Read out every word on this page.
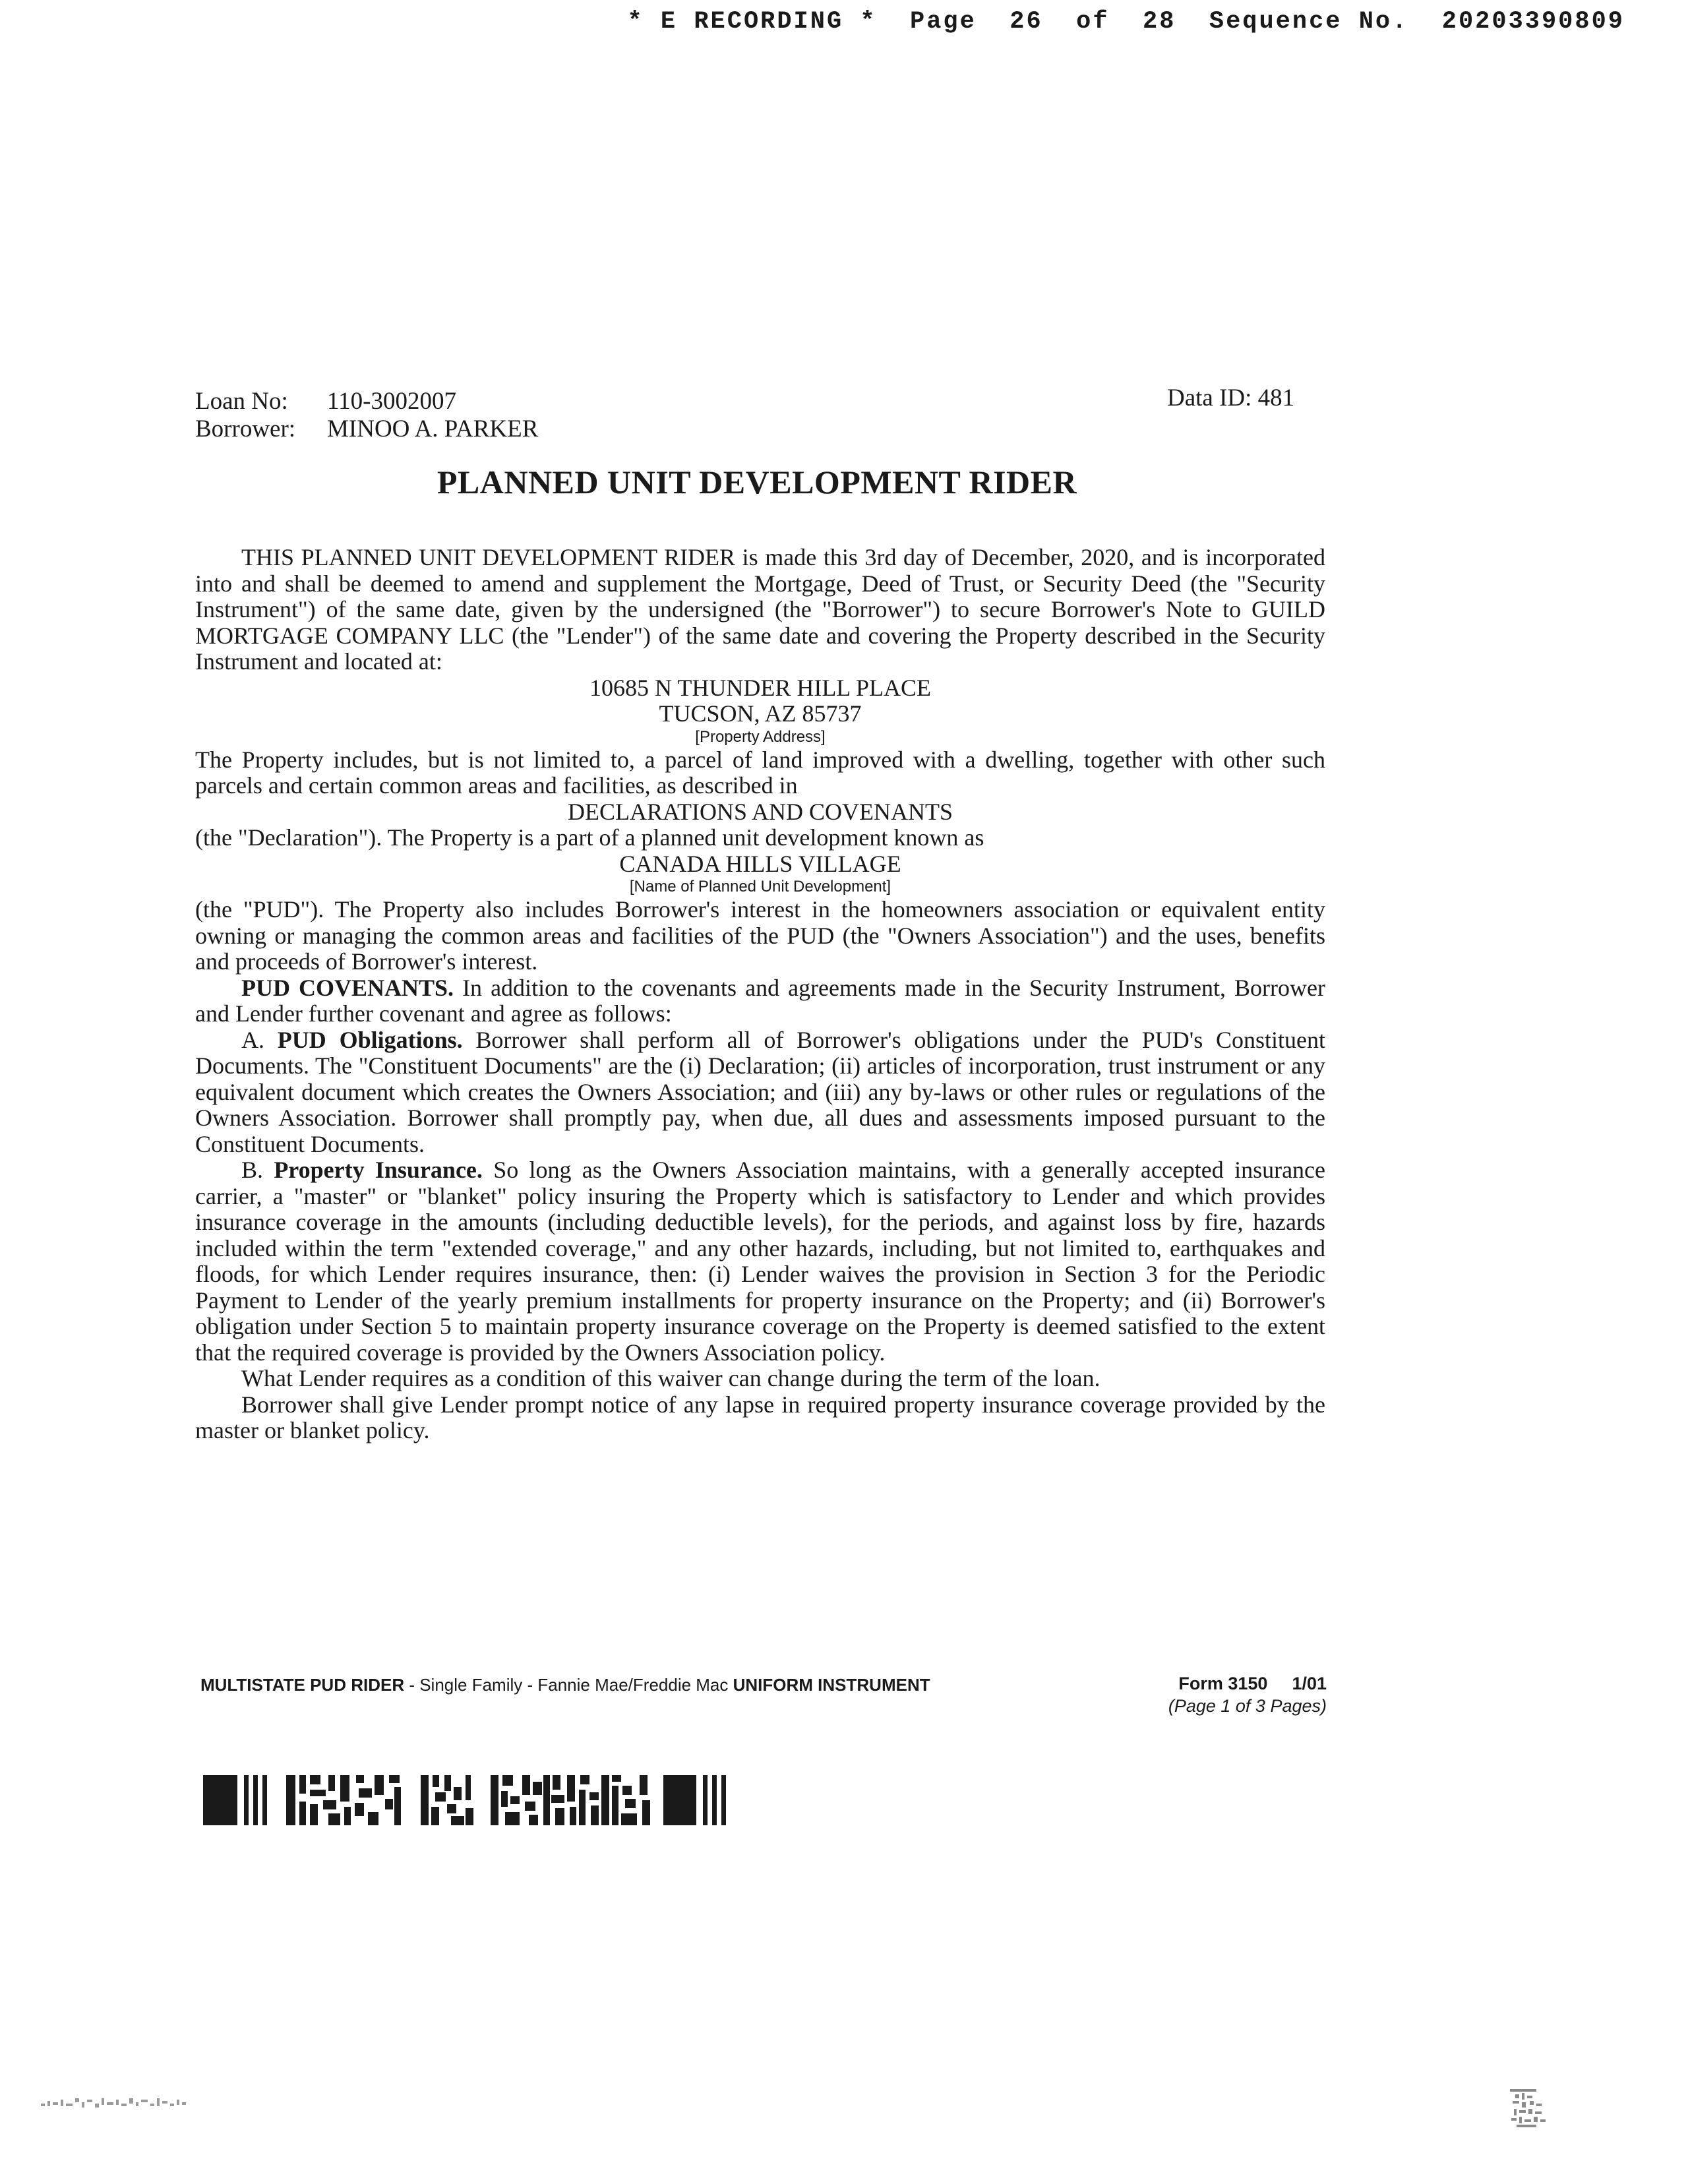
* E RECORDING * Page 26 of 28 Sequence No. 20203390809
Loan No:	110-3002007
Borrower:	MINOO A. PARKER
Data ID: 481
PLANNED UNIT DEVELOPMENT RIDER

THIS PLANNED UNIT DEVELOPMENT RIDER is made this 3rd day of December, 2020, and is incorporated into and shall be deemed to amend and supplement the Mortgage, Deed of Trust, or Security Deed (the "Security Instrument") of the same date, given by the undersigned (the "Borrower") to secure Borrower's Note to GUILD MORTGAGE COMPANY LLC (the "Lender") of the same date and covering the Property described in the Security Instrument and located at:

10685 N THUNDER HILL PLACE

TUCSON, AZ 85737

[Property Address]

The Property includes, but is not limited to, a parcel of land improved with a dwelling, together with other such parcels and certain common areas and facilities, as described in

DECLARATIONS AND COVENANTS

(the "Declaration"). The Property is a part of a planned unit development known as

CANADA HILLS VILLAGE

[Name of Planned Unit Development]

(the "PUD"). The Property also includes Borrower's interest in the homeowners association or equivalent entity owning or managing the common areas and facilities of the PUD (the "Owners Association") and the uses, benefits and proceeds of Borrower's interest.

PUD COVENANTS. In addition to the covenants and agreements made in the Security Instrument, Borrower and Lender further covenant and agree as follows:

A. PUD Obligations. Borrower shall perform all of Borrower's obligations under the PUD's Constituent Documents. The "Constituent Documents" are the (i) Declaration; (ii) articles of incorporation, trust instrument or any equivalent document which creates the Owners Association; and (iii) any by-laws or other rules or regulations of the Owners Association. Borrower shall promptly pay, when due, all dues and assessments imposed pursuant to the Constituent Documents.

B. Property Insurance. So long as the Owners Association maintains, with a generally accepted insurance carrier, a "master" or "blanket" policy insuring the Property which is satisfactory to Lender and which provides insurance coverage in the amounts (including deductible levels), for the periods, and against loss by fire, hazards included within the term "extended coverage," and any other hazards, including, but not limited to, earthquakes and floods, for which Lender requires insurance, then: (i) Lender waives the provision in Section 3 for the Periodic Payment to Lender of the yearly premium installments for property insurance on the Property; and (ii) Borrower's obligation under Section 5 to maintain property insurance coverage on the Property is deemed satisfied to the extent that the required coverage is provided by the Owners Association policy.

What Lender requires as a condition of this waiver can change during the term of the loan.

Borrower shall give Lender prompt notice of any lapse in required property insurance coverage provided by the master or blanket policy.

MULTISTATE PUD RIDER - Single Family - Fannie Mae/Freddie Mac UNIFORM INSTRUMENT	Form 3150 1/01
(Page 1 of 3 Pages)
